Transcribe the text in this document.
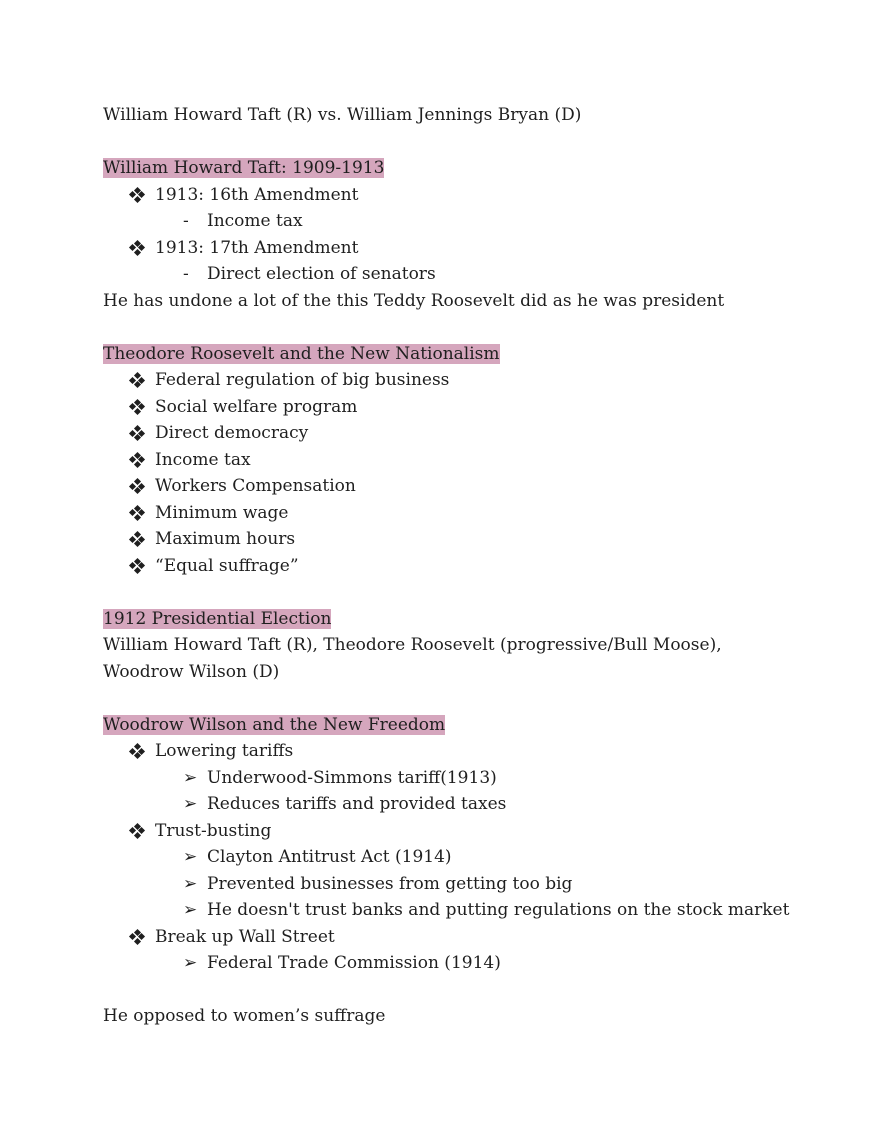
William Howard Taft (R) vs. William Jennings Bryan (D)
William Howard Taft: 1909-1913
1913: 16th Amendment
-	Income tax
1913: 17th Amendment
-	Direct election of senators
He has undone a lot of the this Teddy Roosevelt did as he was president
Theodore Roosevelt and the New Nationalism
Federal regulation of big business
Social welfare program
Direct democracy
Income tax
Workers Compensation
Minimum wage
Maximum hours
“Equal suffrage”
1912 Presidential Election
William Howard Taft (R), Theodore Roosevelt (progressive/Bull Moose), Woodrow Wilson (D)
Woodrow Wilson and the New Freedom
Lowering tariffs
➢ Underwood-Simmons tariff(1913)
➢ Reduces tariffs and provided taxes
Trust-busting
➢ Clayton Antitrust Act (1914)
➢ Prevented businesses from getting too big
➢ He doesn't trust banks and putting regulations on the stock market
Break up Wall Street
➢ Federal Trade Commission (1914)
He opposed to women’s suffrage
